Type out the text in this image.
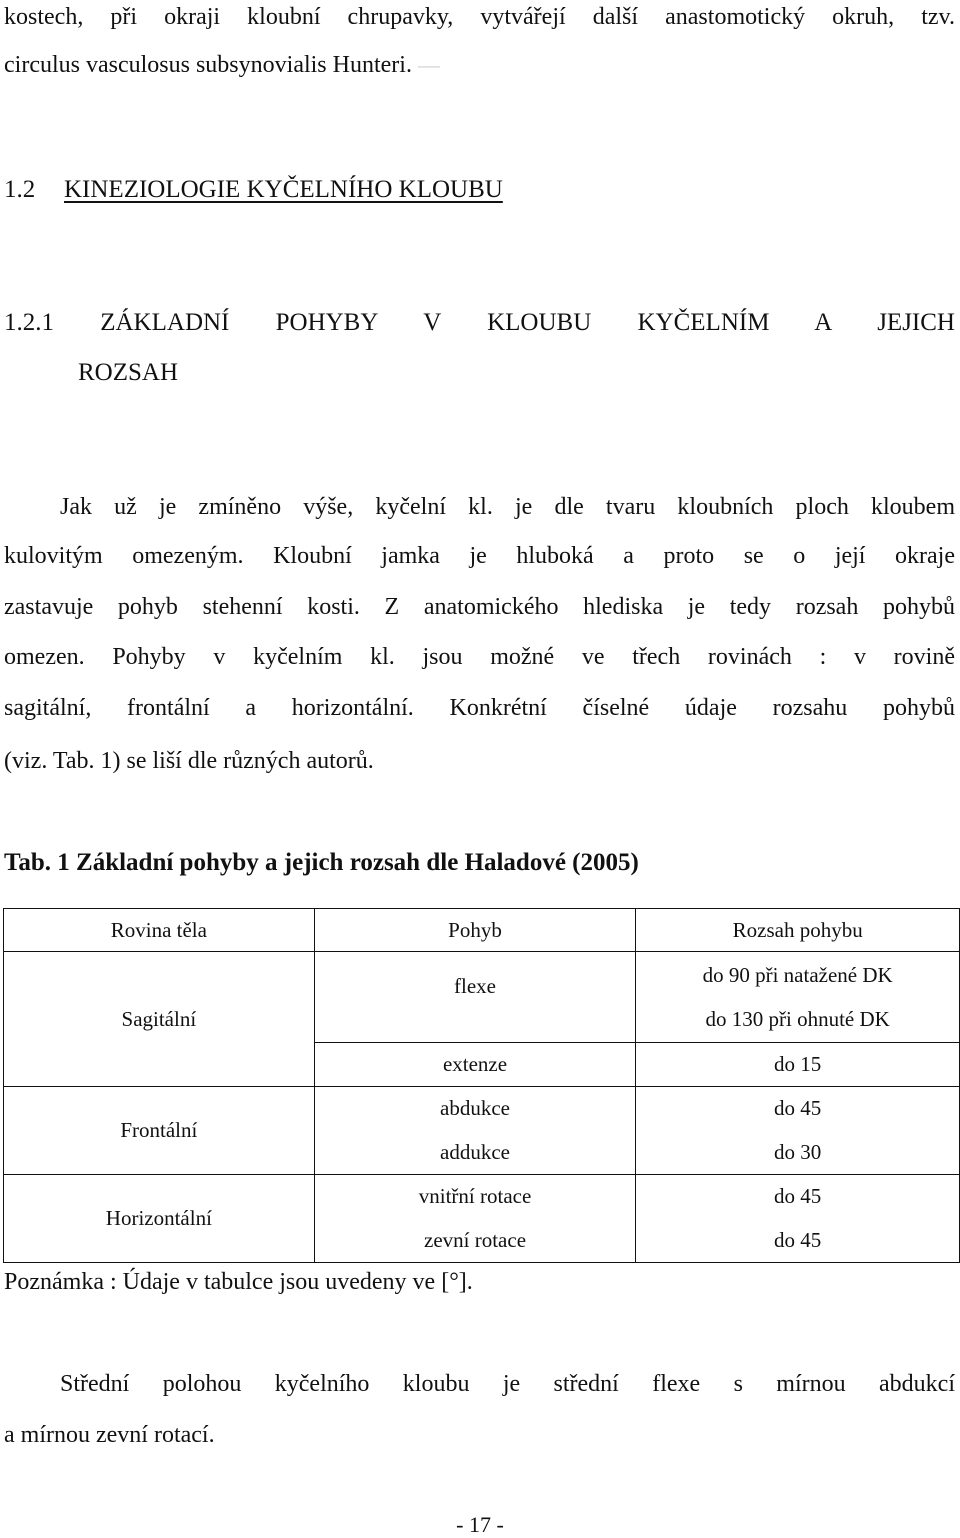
kostech, při okraji kloubní chrupavky, vytvářejí další anastomotický okruh, tzv.
circulus vasculosus subsynovialis Hunteri. —
1.2 KINEZIOLOGIE KYČELNÍHO KLOUBU
1.2.1 ZÁKLADNÍ POHYBY V KLOUBU KYČELNÍM A JEJICH
ROZSAH
Jak už je zmíněno výše, kyčelní kl. je dle tvaru kloubních ploch kloubem
kulovitým omezeným. Kloubní jamka je hluboká a proto se o její okraje
zastavuje pohyb stehenní kosti. Z anatomického hlediska je tedy rozsah pohybů
omezen. Pohyby v kyčelním kl. jsou možné ve třech rovinách : v rovině
sagitální, frontální a horizontální. Konkrétní číselné údaje rozsahu pohybů
(viz. Tab. 1) se liší dle různých autorů.
Tab. 1 Základní pohyby a jejich rozsah dle Haladové (2005)
Rovina těla	Pohyb	Rozsah pohybu
Sagitální	flexe	do 90 při natažené DK
do 130 při ohnuté DK

	extenze	do 15
Frontální	abdukce	do 45
	addukce	do 30
Horizontální	vnitřní rotace	do 45
	zevní rotace	do 45
Poznámka : Údaje v tabulce jsou uvedeny ve [°].
Střední polohou kyčelního kloubu je střední flexe s mírnou abdukcí
a mírnou zevní rotací.
- 17 -
